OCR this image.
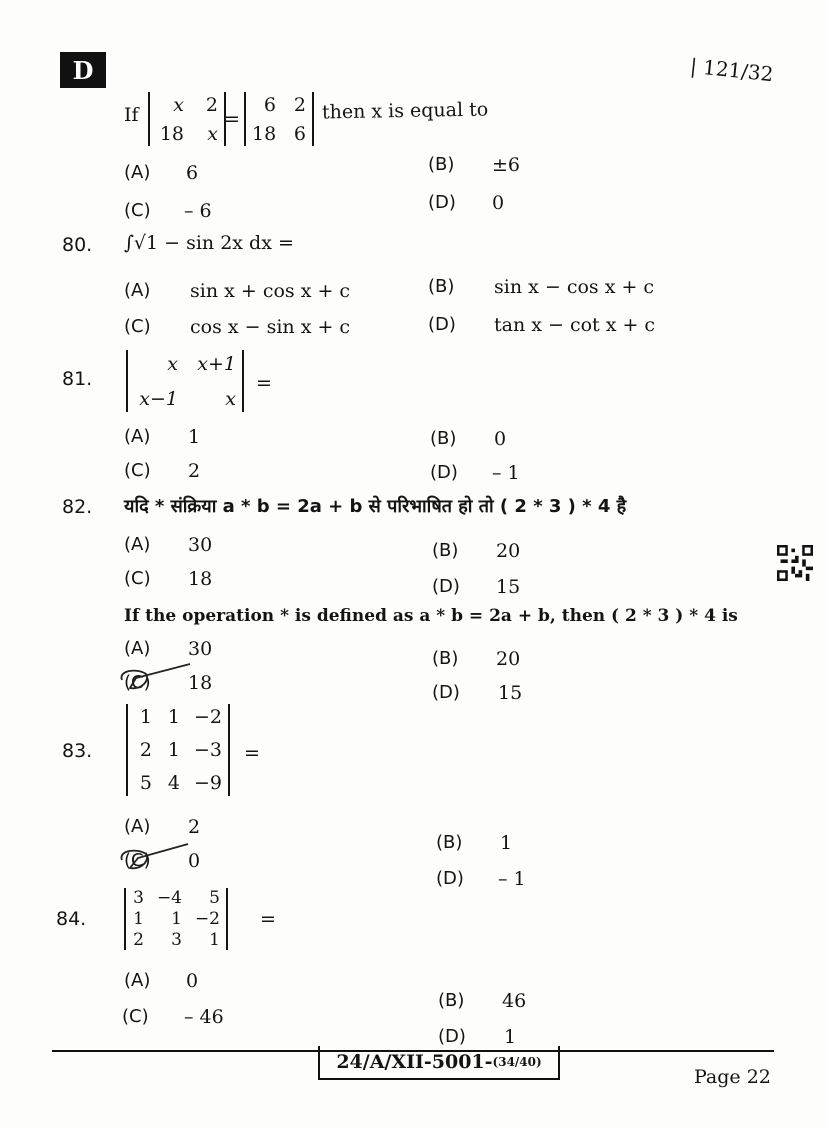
D	| 121/32
If	x	2
18	x
=
6 2
18 6
then x is equal to
(A) 6	(B) ±6
(C) – 6	(D) 0
80. ∫√1 − sin 2x dx =
(A) sin x + cos x + c	(B) sin x − cos x + c
(C) cos x − sin x + c	(D) tan x − cot x + c
81.
x x+1
x−1	x
=
(A) 1	(B) 0
(C) 2	(D) – 1
82. यदि * संक्रिया a * b = 2a + b से परिभाषित हो तो ( 2 * 3 ) * 4 है
(A) 30	(B) 20
(C) 18	(D) 15
If the operation * is defined as a * b = 2a + b, then ( 2 * 3 ) * 4 is
(A) 30	(B) 20
(C) 18	(D) 15
83.
1 1 −2
2 1 −3
5 4 −9
=
(A) 2
(B) 1
(C) 0
(D) – 1
84.
3 −4	5
1	1 −2
2	3	1
=
(A) 0
(B) 46
(C) – 46
(D) 1
24/A/XII-5001- (34/40)
Page 22
